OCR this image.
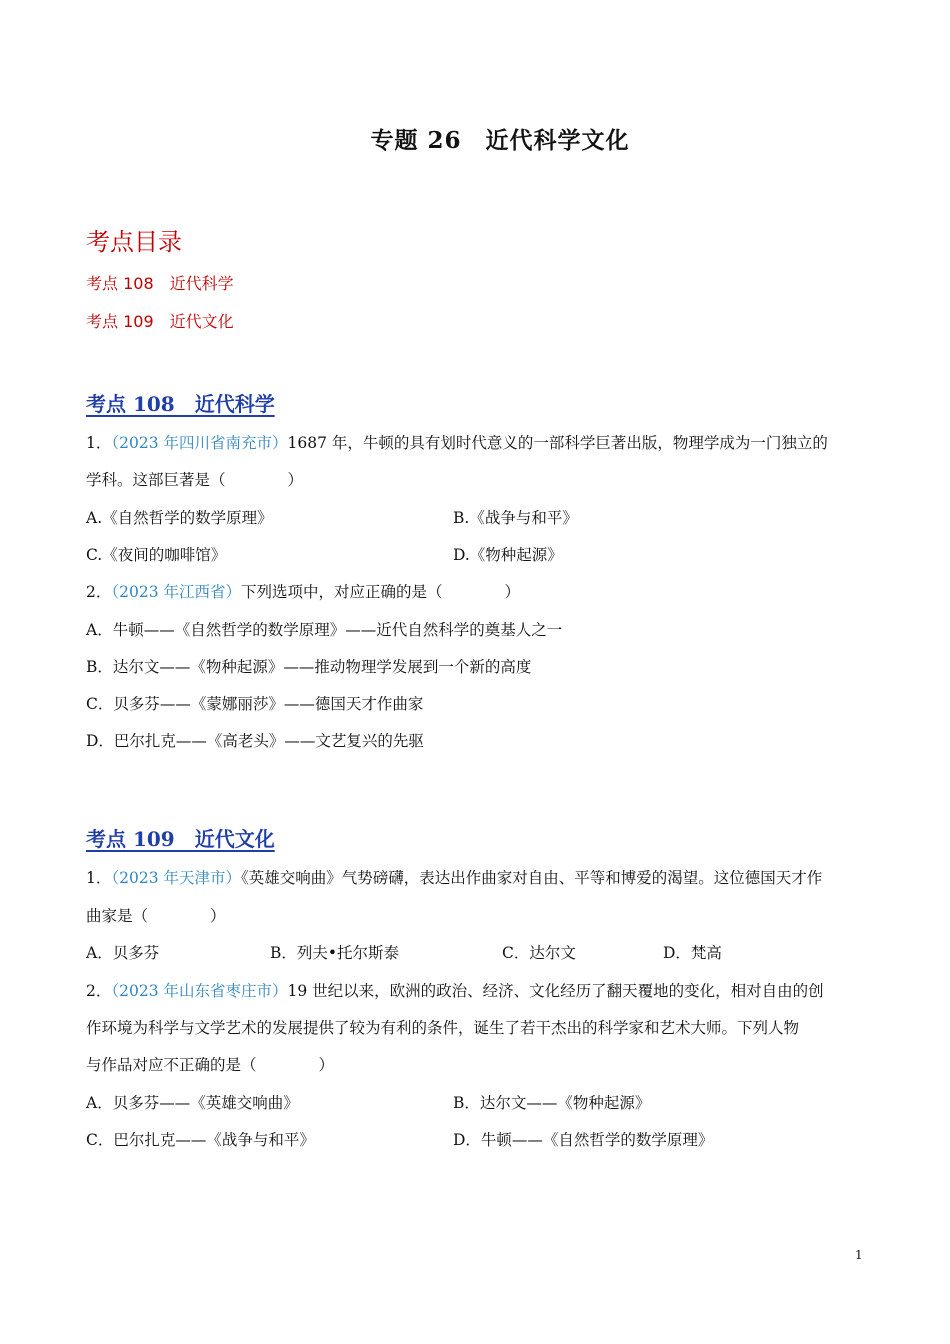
专题 26　近代科学文化
考点目录
考点 108　近代科学
考点 109　近代文化
考点 108　近代科学
1．（2023 年四川省南充市）1687 年，牛顿的具有划时代意义的一部科学巨著出版，物理学成为一门独立的
学科。这部巨著是（　　　　）
A.《自然哲学的数学原理》	B.《战争与和平》
C.《夜间的咖啡馆》	D.《物种起源》
2．（2023 年江西省）下列选项中，对应正确的是（　　　　）
A．牛顿——《自然哲学的数学原理》——近代自然科学的奠基人之一
B．达尔文——《物种起源》——推动物理学发展到一个新的高度
C．贝多芬——《蒙娜丽莎》——德国天才作曲家
D．巴尔扎克——《高老头》——文艺复兴的先驱
考点 109　近代文化
1．（2023 年天津市）《英雄交响曲》气势磅礴，表达出作曲家对自由、平等和博爱的渴望。这位德国天才作
曲家是（　　　　）
A．贝多芬	B．列夫•托尔斯泰	C．达尔文	D．梵高
2．（2023 年山东省枣庄市）19 世纪以来，欧洲的政治、经济、文化经历了翻天覆地的变化，相对自由的创
作环境为科学与文学艺术的发展提供了较为有利的条件，诞生了若干杰出的科学家和艺术大师。下列人物
与作品对应不正确的是（　　　　）
A．贝多芬——《英雄交响曲》	B．达尔文——《物种起源》
C．巴尔扎克——《战争与和平》	D．牛顿——《自然哲学的数学原理》
1
